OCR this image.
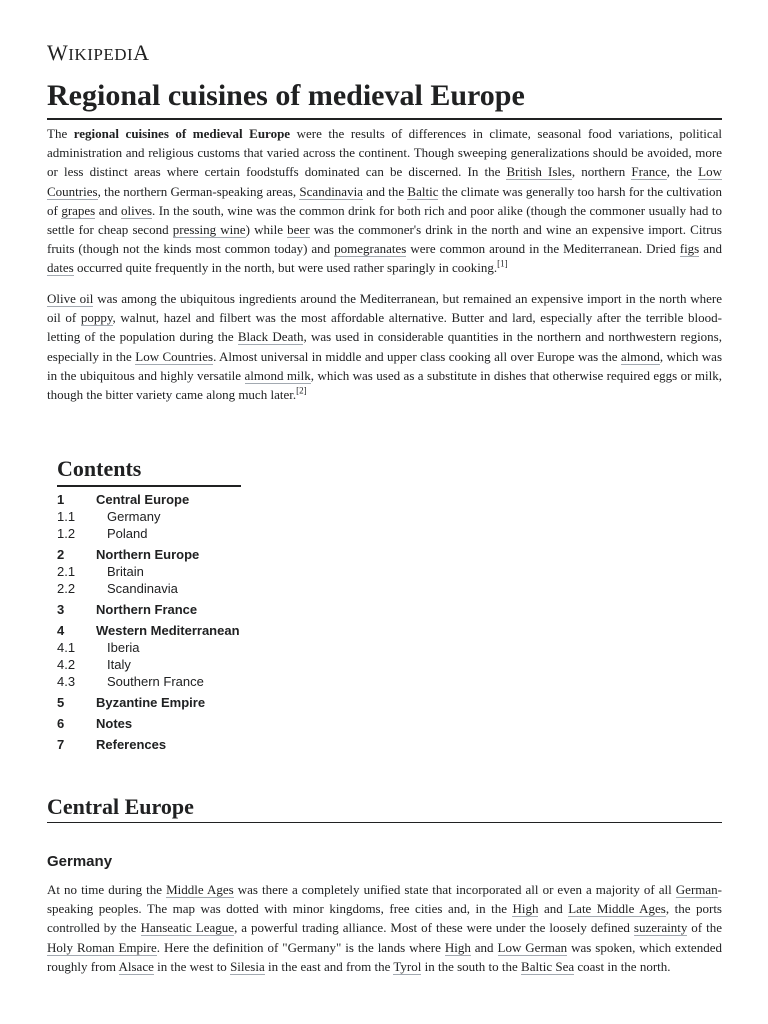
WIKIPEDIA
Regional cuisines of medieval Europe

The regional cuisines of medieval Europe were the results of differences in climate, seasonal food variations, political administration and religious customs that varied across the continent. Though sweeping generalizations should be avoided, more or less distinct areas where certain foodstuffs dominated can be discerned. In the British Isles, northern France, the Low Countries, the northern German-speaking areas, Scandinavia and the Baltic the climate was generally too harsh for the cultivation of grapes and olives. In the south, wine was the common drink for both rich and poor alike (though the commoner usually had to settle for cheap second pressing wine) while beer was the commoner's drink in the north and wine an expensive import. Citrus fruits (though not the kinds most common today) and pomegranates were common around in the Mediterranean. Dried figs and dates occurred quite frequently in the north, but were used rather sparingly in cooking.[1]

Olive oil was among the ubiquitous ingredients around the Mediterranean, but remained an expensive import in the north where oil of poppy, walnut, hazel and filbert was the most affordable alternative. Butter and lard, especially after the terrible blood-letting of the population during the Black Death, was used in considerable quantities in the northern and northwestern regions, especially in the Low Countries. Almost universal in middle and upper class cooking all over Europe was the almond, which was in the ubiquitous and highly versatile almond milk, which was used as a substitute in dishes that otherwise required eggs or milk, though the bitter variety came along much later.[2]

Contents
1	Central Europe
1.1	Germany
1.2	Poland
2	Northern Europe
2.1	Britain
2.2	Scandinavia
3	Northern France
4	Western Mediterranean
4.1	Iberia
4.2	Italy
4.3	Southern France
5	Byzantine Empire
6	Notes
7	References
Central Europe
Germany

At no time during the Middle Ages was there a completely unified state that incorporated all or even a majority of all German-speaking peoples. The map was dotted with minor kingdoms, free cities and, in the High and Late Middle Ages, the ports controlled by the Hanseatic League, a powerful trading alliance. Most of these were under the loosely defined suzerainty of the Holy Roman Empire. Here the definition of "Germany" is the lands where High and Low German was spoken, which extended roughly from Alsace in the west to Silesia in the east and from the Tyrol in the south to the Baltic Sea coast in the north.
